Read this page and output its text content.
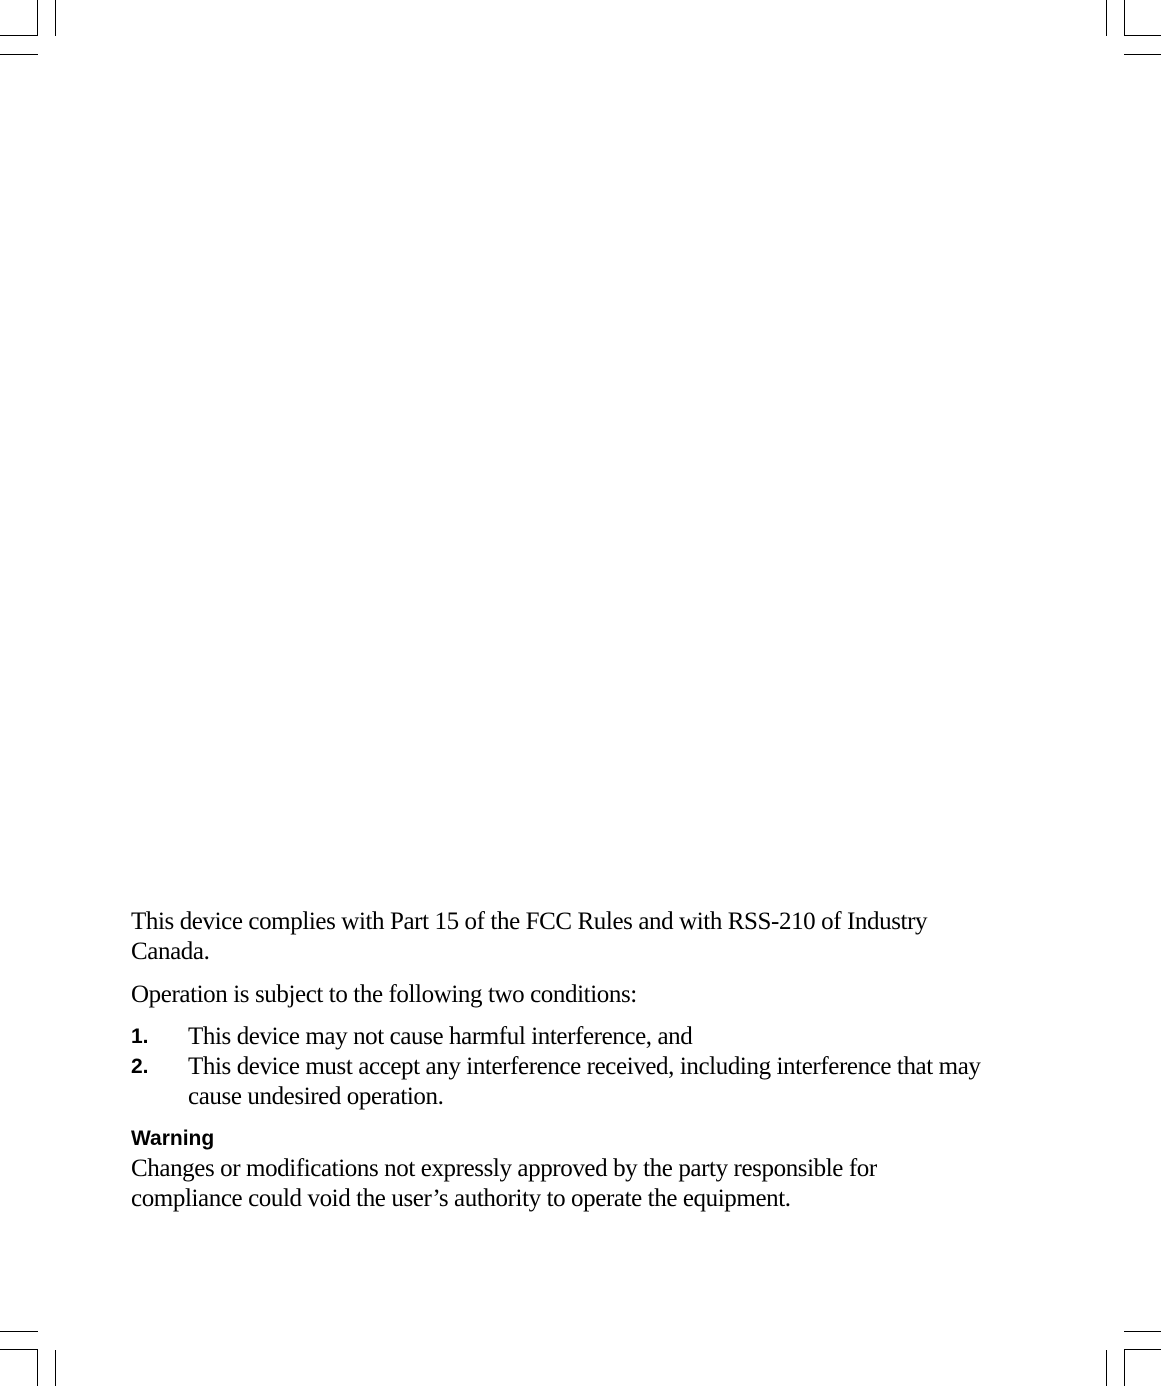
This device complies with Part 15 of the FCC Rules and with RSS-210 of Industry Canada.

Operation is subject to the following two conditions:

1. This device may not cause harmful interference, and
2. This device must accept any interference received, including interference that may cause undesired operation.
Warning

Changes or modifications not expressly approved by the party responsible for compliance could void the user’s authority to operate the equipment.
